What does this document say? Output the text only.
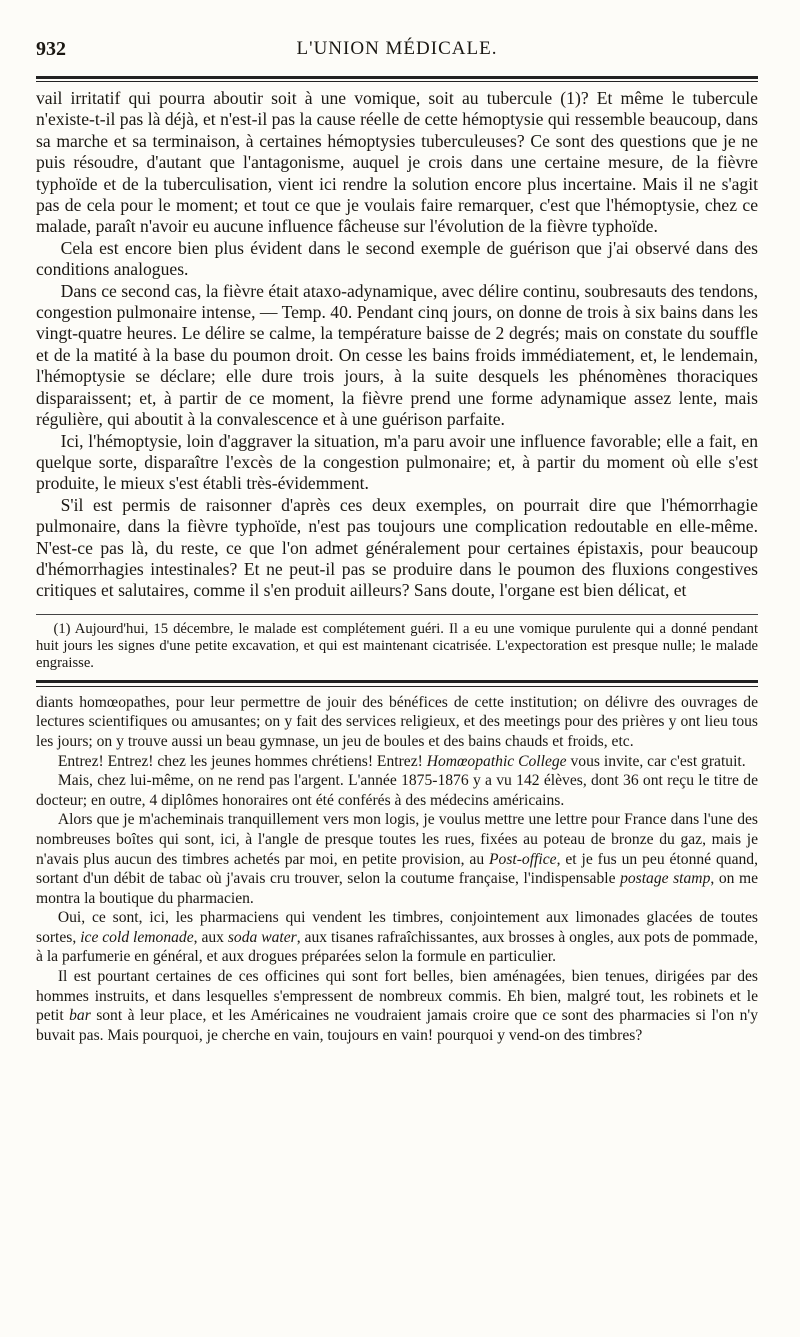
932	L'UNION MÉDICALE.

vail irritatif qui pourra aboutir soit à une vomique, soit au tubercule (1)? Et même le tubercule n'existe-t-il pas là déjà, et n'est-il pas la cause réelle de cette hémoptysie qui ressemble beaucoup, dans sa marche et sa terminaison, à certaines hémoptysies tuberculeuses? Ce sont des questions que je ne puis résoudre, d'autant que l'antagonisme, auquel je crois dans une certaine mesure, de la fièvre typhoïde et de la tuberculisation, vient ici rendre la solution encore plus incertaine. Mais il ne s'agit pas de cela pour le moment; et tout ce que je voulais faire remarquer, c'est que l'hémoptysie, chez ce malade, paraît n'avoir eu aucune influence fâcheuse sur l'évolution de la fièvre typhoïde.

Cela est encore bien plus évident dans le second exemple de guérison que j'ai observé dans des conditions analogues.

Dans ce second cas, la fièvre était ataxo-adynamique, avec délire continu, soubresauts des tendons, congestion pulmonaire intense, — Temp. 40. Pendant cinq jours, on donne de trois à six bains dans les vingt-quatre heures. Le délire se calme, la température baisse de 2 degrés; mais on constate du souffle et de la matité à la base du poumon droit. On cesse les bains froids immédiatement, et, le lendemain, l'hémoptysie se déclare; elle dure trois jours, à la suite desquels les phénomènes thoraciques disparaissent; et, à partir de ce moment, la fièvre prend une forme adynamique assez lente, mais régulière, qui aboutit à la convalescence et à une guérison parfaite.

Ici, l'hémoptysie, loin d'aggraver la situation, m'a paru avoir une influence favorable; elle a fait, en quelque sorte, disparaître l'excès de la congestion pulmonaire; et, à partir du moment où elle s'est produite, le mieux s'est établi très-évidemment.

S'il est permis de raisonner d'après ces deux exemples, on pourrait dire que l'hémorrhagie pulmonaire, dans la fièvre typhoïde, n'est pas toujours une complication redoutable en elle-même. N'est-ce pas là, du reste, ce que l'on admet généralement pour certaines épistaxis, pour beaucoup d'hémorrhagies intestinales? Et ne peut-il pas se produire dans le poumon des fluxions congestives critiques et salutaires, comme il s'en produit ailleurs? Sans doute, l'organe est bien délicat, et

(1) Aujourd'hui, 15 décembre, le malade est complétement guéri. Il a eu une vomique purulente qui a donné pendant huit jours les signes d'une petite excavation, et qui est maintenant cicatrisée. L'expectoration est presque nulle; le malade engraisse.

diants homœopathes, pour leur permettre de jouir des bénéfices de cette institution; on délivre des ouvrages de lectures scientifiques ou amusantes; on y fait des services religieux, et des meetings pour des prières y ont lieu tous les jours; on y trouve aussi un beau gymnase, un jeu de boules et des bains chauds et froids, etc.

Entrez! Entrez! chez les jeunes hommes chrétiens! Entrez! Homœopathic College vous invite, car c'est gratuit.

Mais, chez lui-même, on ne rend pas l'argent. L'année 1875-1876 y a vu 142 élèves, dont 36 ont reçu le titre de docteur; en outre, 4 diplômes honoraires ont été conférés à des médecins américains.

Alors que je m'acheminais tranquillement vers mon logis, je voulus mettre une lettre pour France dans l'une des nombreuses boîtes qui sont, ici, à l'angle de presque toutes les rues, fixées au poteau de bronze du gaz, mais je n'avais plus aucun des timbres achetés par moi, en petite provision, au Post-office, et je fus un peu étonné quand, sortant d'un débit de tabac où j'avais cru trouver, selon la coutume française, l'indispensable postage stamp, on me montra la boutique du pharmacien.

Oui, ce sont, ici, les pharmaciens qui vendent les timbres, conjointement aux limonades glacées de toutes sortes, ice cold lemonade, aux soda water, aux tisanes rafraîchissantes, aux brosses à ongles, aux pots de pommade, à la parfumerie en général, et aux drogues préparées selon la formule en particulier.

Il est pourtant certaines de ces officines qui sont fort belles, bien aménagées, bien tenues, dirigées par des hommes instruits, et dans lesquelles s'empressent de nombreux commis. Eh bien, malgré tout, les robinets et le petit bar sont à leur place, et les Américaines ne voudraient jamais croire que ce sont des pharmacies si l'on n'y buvait pas. Mais pourquoi, je cherche en vain, toujours en vain! pourquoi y vend-on des timbres?
